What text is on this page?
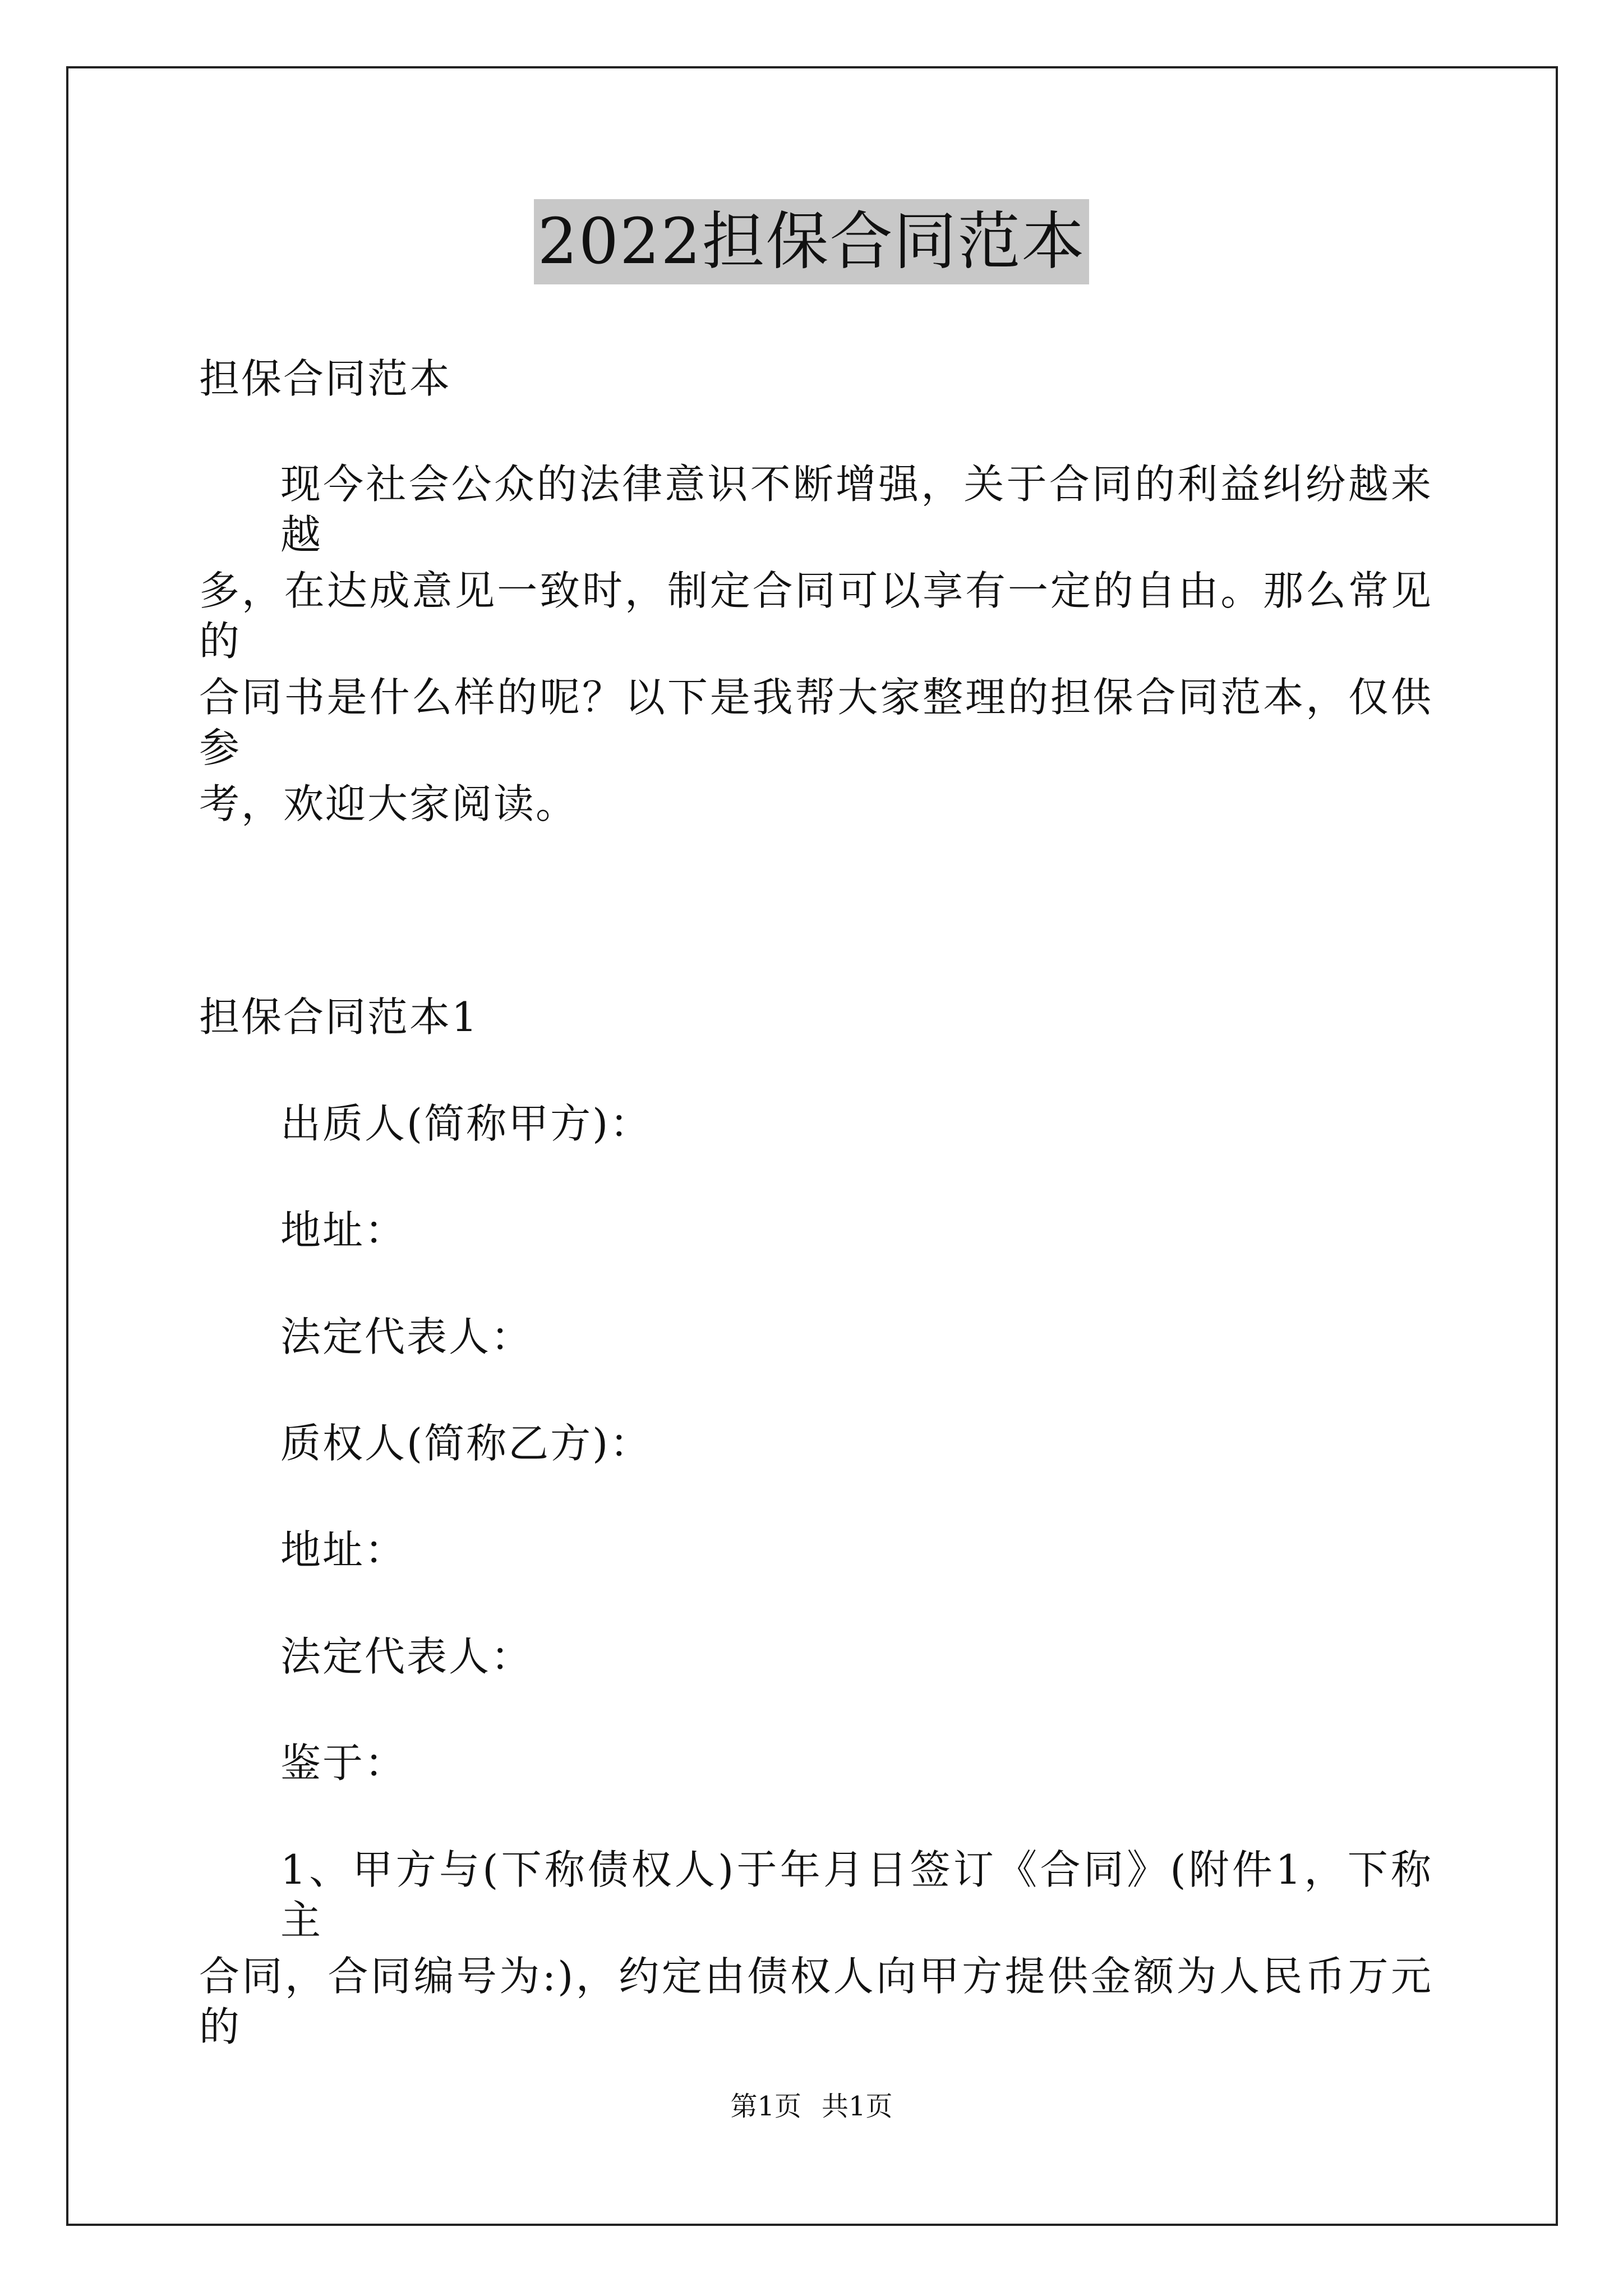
2022担保合同范本
担保合同范本
现今社会公众的法律意识不断增强，关于合同的利益纠纷越来越
多，在达成意见一致时，制定合同可以享有一定的自由。那么常见的
合同书是什么样的呢？以下是我帮大家整理的担保合同范本，仅供参
考，欢迎大家阅读。
担保合同范本1
出质人(简称甲方)：
地址：
法定代表人：
质权人(简称乙方)：
地址：
法定代表人：
鉴于：
1、甲方与(下称债权人)于年月日签订《合同》(附件1，下称主
合同，合同编号为:)，约定由债权人向甲方提供金额为人民币万元的
第1页 共1页
